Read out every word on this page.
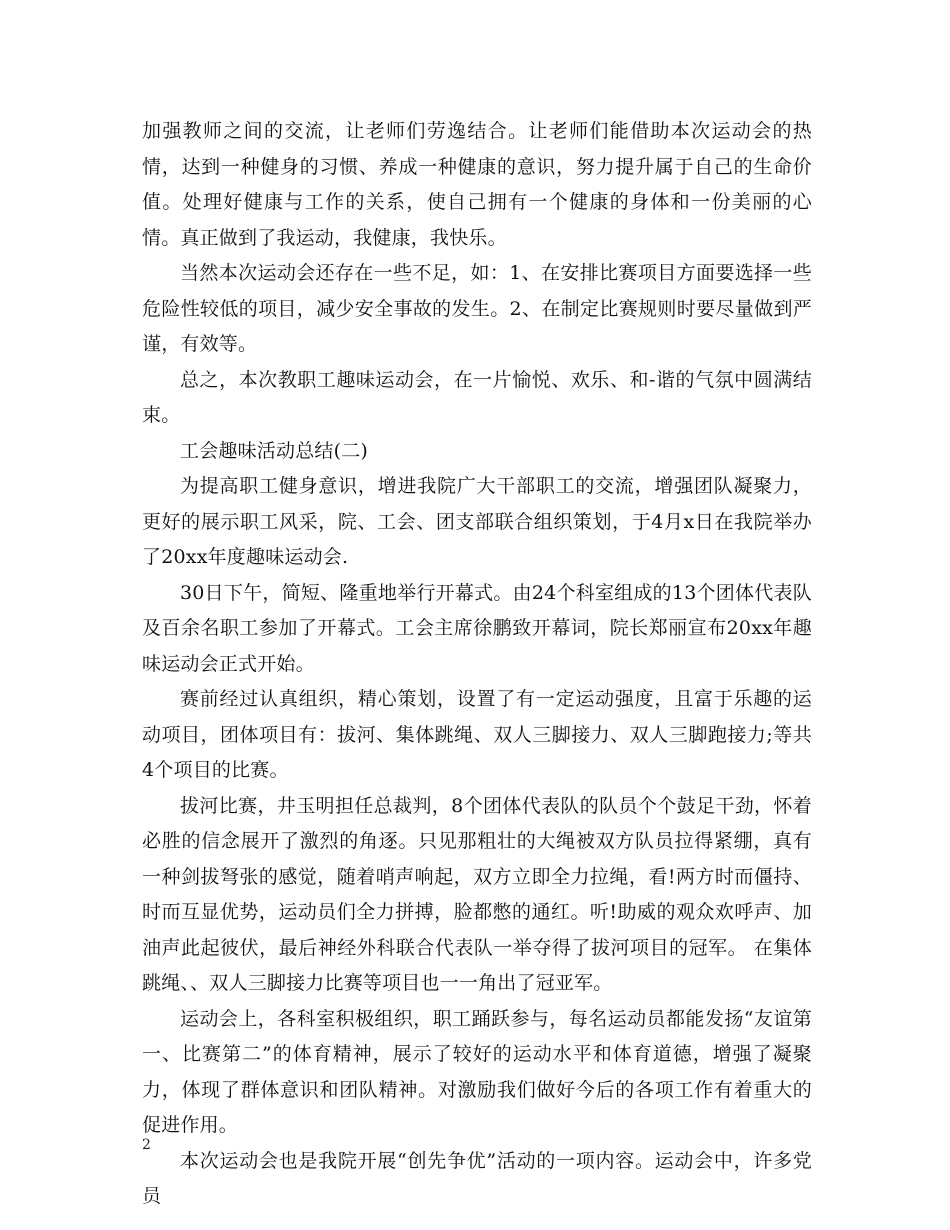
加强教师之间的交流，让老师们劳逸结合。让老师们能借助本次运动会的热情，达到一种健身的习惯、养成一种健康的意识，努力提升属于自己的生命价值。处理好健康与工作的关系，使自己拥有一个健康的身体和一份美丽的心情。真正做到了我运动，我健康，我快乐。

当然本次运动会还存在一些不足，如：1、在安排比赛项目方面要选择一些危险性较低的项目，减少安全事故的发生。2、在制定比赛规则时要尽量做到严谨，有效等。

总之，本次教职工趣味运动会，在一片愉悦、欢乐、和-谐的气氛中圆满结束。

工会趣味活动总结(二)

为提高职工健身意识，增进我院广大干部职工的交流，增强团队凝聚力，更好的展示职工风采，院、工会、团支部联合组织策划，于4月x日在我院举办了20xx年度趣味运动会.

30日下午，简短、隆重地举行开幕式。由24个科室组成的13个团体代表队及百余名职工参加了开幕式。工会主席徐鹏致开幕词，院长郑丽宣布20xx年趣味运动会正式开始。

赛前经过认真组织，精心策划，设置了有一定运动强度，且富于乐趣的运动项目，团体项目有：拔河、集体跳绳、双人三脚接力、双人三脚跑接力;等共4个项目的比赛。

拔河比赛，井玉明担任总裁判，8个团体代表队的队员个个鼓足干劲，怀着必胜的信念展开了激烈的角逐。只见那粗壮的大绳被双方队员拉得紧绷，真有一种剑拔弩张的感觉，随着哨声响起，双方立即全力拉绳，看!两方时而僵持、时而互显优势，运动员们全力拼搏，脸都憋的通红。听!助威的观众欢呼声、加油声此起彼伏，最后神经外科联合代表队一举夺得了拔河项目的冠军。 在集体跳绳、、双人三脚接力比赛等项目也一一角出了冠亚军。

运动会上，各科室积极组织，职工踊跃参与，每名运动员都能发扬“友谊第一、比赛第二”的体育精神，展示了较好的运动水平和体育道德，增强了凝聚力，体现了群体意识和团队精神。对激励我们做好今后的各项工作有着重大的促进作用。

本次运动会也是我院开展“创先争优”活动的一项内容。运动会中，许多党员

2
